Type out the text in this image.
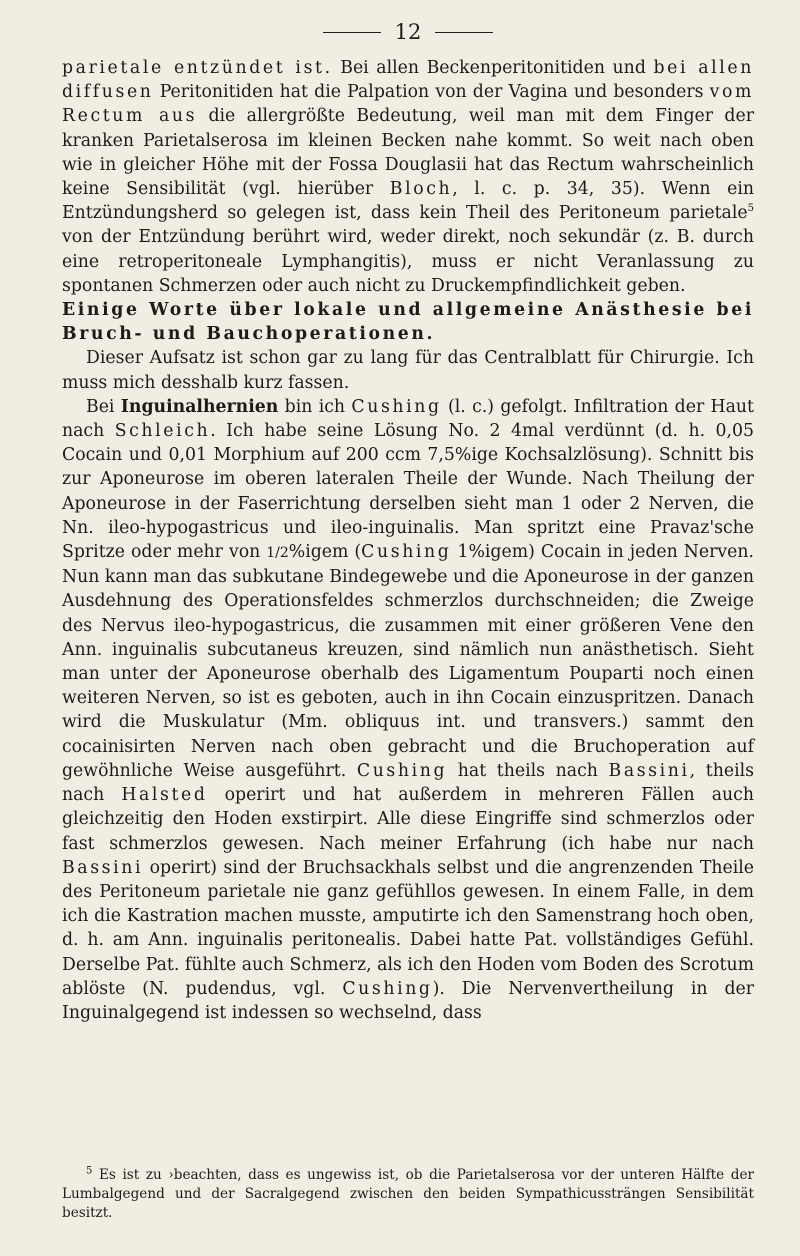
12

parietale entzündet ist. Bei allen Beckenperitonitiden und bei allen diffusen Peritonitiden hat die Palpation von der Vagina und besonders vom Rectum aus die allergrößte Bedeutung, weil man mit dem Finger der kranken Parietalserosa im kleinen Becken nahe kommt. So weit nach oben wie in gleicher Höhe mit der Fossa Douglasii hat das Rectum wahrscheinlich keine Sensibilität (vgl. hierüber Bloch, l. c. p. 34, 35). Wenn ein Entzündungsherd so gelegen ist, dass kein Theil des Peritoneum parietale$^5$ von der Entzündung berührt wird, weder direkt, noch sekundär (z. B. durch eine retroperitoneale Lymphangitis), muss er nicht Veranlassung zu spontanen Schmerzen oder auch nicht zu Druckempfindlichkeit geben.

Einige Worte über lokale und allgemeine Anästhesie bei Bruch- und Bauchoperationen.

Dieser Aufsatz ist schon gar zu lang für das Centralblatt für Chirurgie. Ich muss mich desshalb kurz fassen.

Bei Inguinalhernien bin ich Cushing (l. c.) gefolgt. Infiltration der Haut nach Schleich. Ich habe seine Lösung No. 2 4mal verdünnt (d. h. 0,05 Cocain und 0,01 Morphium auf 200 ccm 7,5%ige Kochsalzlösung). Schnitt bis zur Aponeurose im oberen lateralen Theile der Wunde. Nach Theilung der Aponeurose in der Faserrichtung derselben sieht man 1 oder 2 Nerven, die Nn. ileo-hypogastricus und ileo-inguinalis. Man spritzt eine Pravaz'sche Spritze oder mehr von 1/2%igem (Cushing 1%igem) Cocain in jeden Nerven. Nun kann man das subkutane Bindegewebe und die Aponeurose in der ganzen Ausdehnung des Operationsfeldes schmerzlos durchschneiden; die Zweige des Nervus ileo-hypogastricus, die zusammen mit einer größeren Vene den Ann. inguinalis subcutaneus kreuzen, sind nämlich nun anästhetisch. Sieht man unter der Aponeurose oberhalb des Ligamentum Pouparti noch einen weiteren Nerven, so ist es geboten, auch in ihn Cocain einzuspritzen. Danach wird die Muskulatur (Mm. obliquus int. und transvers.) sammt den cocainisirten Nerven nach oben gebracht und die Bruchoperation auf gewöhnliche Weise ausgeführt. Cushing hat theils nach Bassini, theils nach Halsted operirt und hat außerdem in mehreren Fällen auch gleichzeitig den Hoden exstirpirt. Alle diese Eingriffe sind schmerzlos oder fast schmerzlos gewesen. Nach meiner Erfahrung (ich habe nur nach Bassini operirt) sind der Bruchsackhals selbst und die angrenzenden Theile des Peritoneum parietale nie ganz gefühllos gewesen. In einem Falle, in dem ich die Kastration machen musste, amputirte ich den Samenstrang hoch oben, d. h. am Ann. inguinalis peritonealis. Dabei hatte Pat. vollständiges Gefühl. Derselbe Pat. fühlte auch Schmerz, als ich den Hoden vom Boden des Scrotum ablöste (N. pudendus, vgl. Cushing). Die Nervenvertheilung in der Inguinalgegend ist indessen so wechselnd, dass

$^5$ Es ist zu ›beachten, dass es ungewiss ist, ob die Parietalserosa vor der unteren Hälfte der Lumbalgegend und der Sacralgegend zwischen den beiden Sympathicussträngen Sensibilität besitzt.
